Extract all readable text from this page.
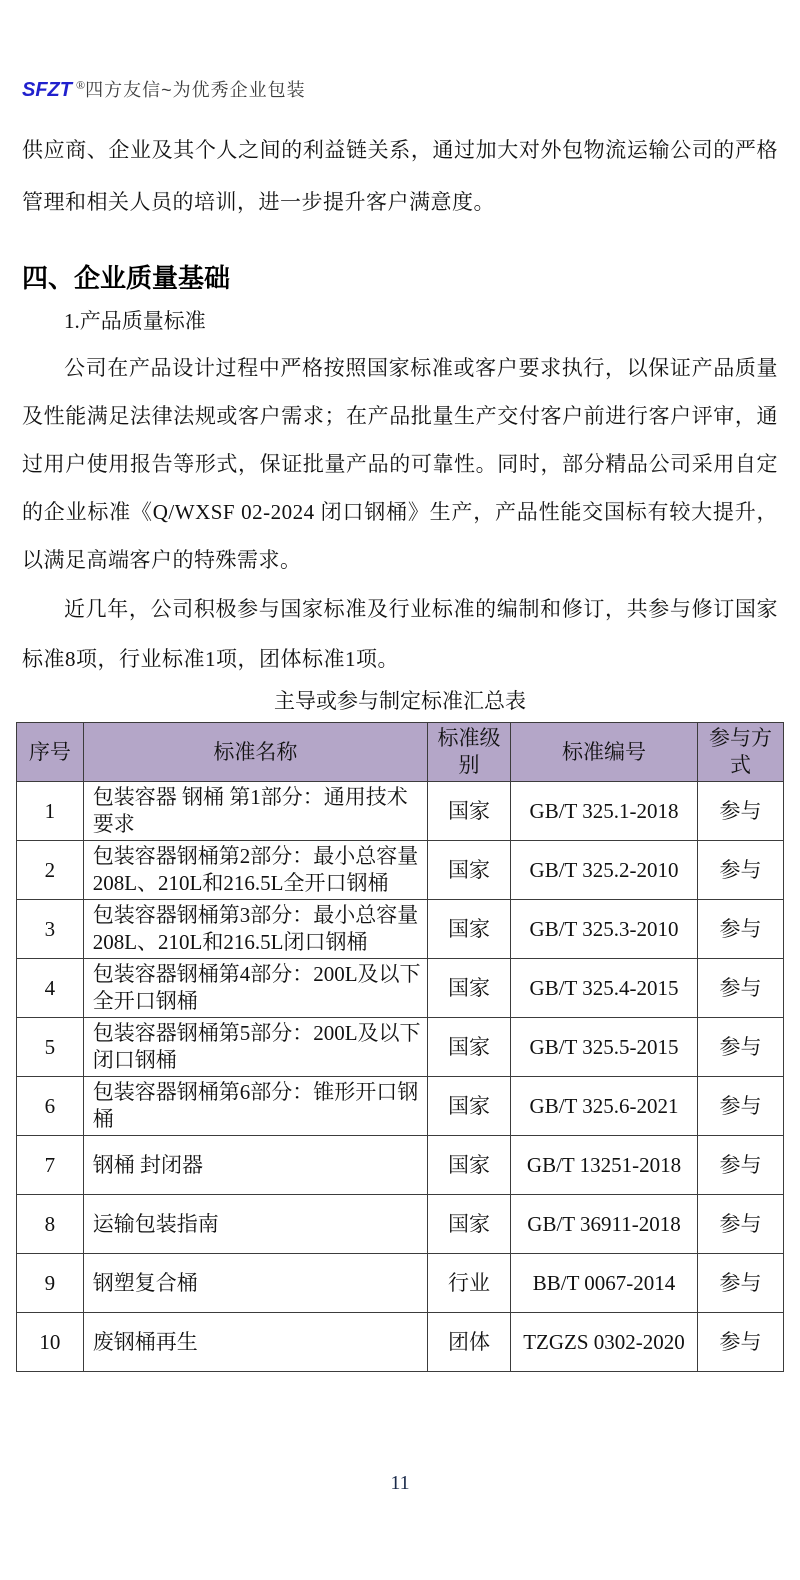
SFZT ®四方友信~为优秀企业包装

供应商、企业及其个人之间的利益链关系，通过加大对外包物流运输公司的严格管理和相关人员的培训，进一步提升客户满意度。

四、企业质量基础

1.产品质量标准

公司在产品设计过程中严格按照国家标准或客户要求执行，以保证产品质量及性能满足法律法规或客户需求；在产品批量生产交付客户前进行客户评审，通过用户使用报告等形式，保证批量产品的可靠性。同时，部分精品公司采用自定的企业标准《Q/WXSF 02-2024 闭口钢桶》生产，产品性能交国标有较大提升，以满足高端客户的特殊需求。

近几年，公司积极参与国家标准及行业标准的编制和修订，共参与修订国家标准8项，行业标准1项，团体标准1项。

主导或参与制定标准汇总表
序号	标准名称	标准级别	标准编号	参与方式
1	包装容器 钢桶 第1部分：通用技术要求	国家	GB/T 325.1-2018	参与
2	包装容器钢桶第2部分：最小总容量208L、210L和216.5L全开口钢桶	国家	GB/T 325.2-2010	参与
3	包装容器钢桶第3部分：最小总容量208L、210L和216.5L闭口钢桶	国家	GB/T 325.3-2010	参与
4	包装容器钢桶第4部分：200L及以下全开口钢桶	国家	GB/T 325.4-2015	参与
5	包装容器钢桶第5部分：200L及以下闭口钢桶	国家	GB/T 325.5-2015	参与
6	包装容器钢桶第6部分：锥形开口钢桶	国家	GB/T 325.6-2021	参与
7	钢桶 封闭器	国家	GB/T 13251-2018	参与
8	运输包装指南	国家	GB/T 36911-2018	参与
9	钢塑复合桶	行业	BB/T 0067-2014	参与
10	废钢桶再生	团体	TZGZS 0302-2020	参与
11
